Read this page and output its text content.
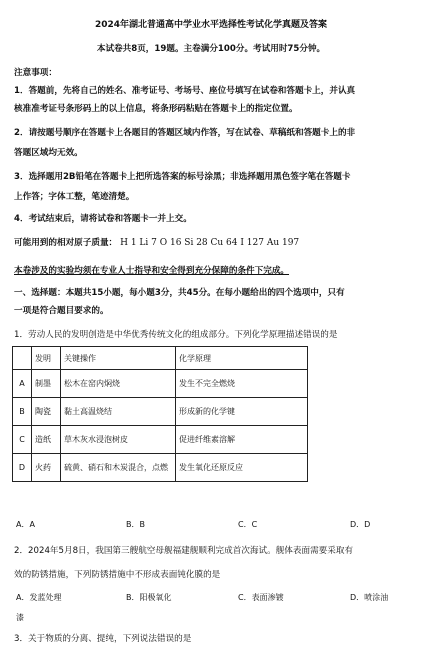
2024年湖北普通高中学业水平选择性考试化学真题及答案
本试卷共8页，19题。主卷满分100分。考试用时75分钟。
注意事项：
1．答题前，先将自己的姓名、准考证号、考场号、座位号填写在试卷和答题卡上，并认真
核准准考证号条形码上的以上信息，将条形码粘贴在答题卡上的指定位置。
2．请按题号顺序在答题卡上各题目的答题区域内作答，写在试卷、草稿纸和答题卡上的非
答题区域均无效。
3．选择题用2B铅笔在答题卡上把所选答案的标号涂黑；非选择题用黑色签字笔在答题卡
上作答；字体工整，笔迹清楚。
4．考试结束后，请将试卷和答题卡一并上交。
可能用到的相对原子质量： H 1 Li 7 O 16 Si 28 Cu 64 I 127 Au 197
本卷涉及的实验均须在专业人士指导和安全得到充分保障的条件下完成。
一、选择题：本题共15小题，每小题3分，共45分。在每小题给出的四个选项中，只有
一项是符合题目要求的。
1．劳动人民的发明创造是中华优秀传统文化的组成部分。下列化学原理描述错误的是
	发明	关键操作	化学原理
A	制墨	松木在窑内焖烧	发生不完全燃烧
B	陶瓷	黏土高温烧结	形成新的化学键
C	造纸	草木灰水浸泡树皮	促进纤维素溶解
D	火药	硫黄、硝石和木炭混合，点燃	发生氧化还原反应
A．A	B．B	C．C	D．D
2．2024年5月8日，我国第三艘航空母舰福建舰顺利完成首次海试。舰体表面需要采取有
效的防锈措施，下列防锈措施中不形成表面钝化膜的是
A．发蓝处理	B．阳极氧化	C．表面渗镀	D．喷涂油
漆
3．关于物质的分离、提纯，下列说法错误的是
